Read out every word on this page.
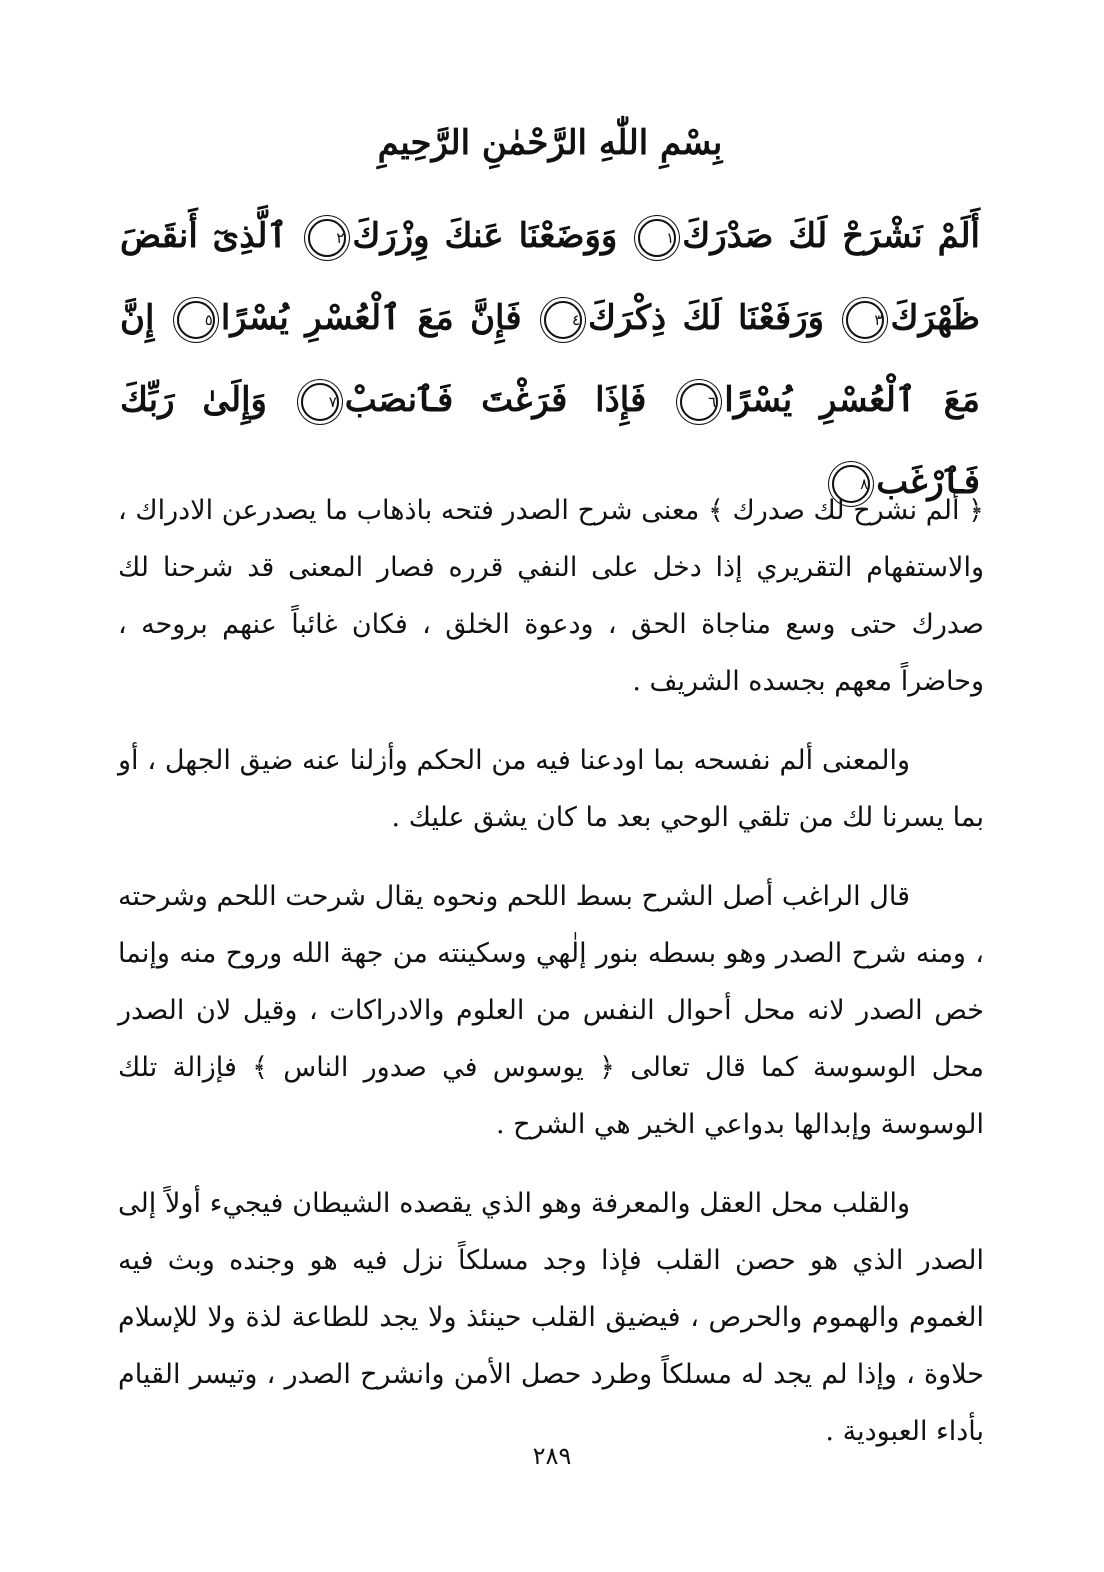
بِسْمِ اللّٰهِ الرَّحْمٰنِ الرَّحِيمِ
أَلَمْ نَشْرَحْ لَكَ صَدْرَكَ١ وَوَضَعْنَا عَنكَ وِزْرَكَ٢ ٱلَّذِىٓ أَنقَضَ ظَهْرَكَ٣ وَرَفَعْنَا لَكَ ذِكْرَكَ٤ فَإِنَّ مَعَ ٱلْعُسْرِ يُسْرًا٥ إِنَّ مَعَ ٱلْعُسْرِ يُسْرًا٦ فَإِذَا فَرَغْتَ فَٱنصَبْ٧ وَإِلَىٰ رَبِّكَ فَٱرْغَب٨

﴿ ألم نشرح لك صدرك ﴾ معنى شرح الصدر فتحه باذهاب ما يصدرعن الادراك ، والاستفهام التقريري إذا دخل على النفي قرره فصار المعنى قد شرحنا لك صدرك حتى وسع مناجاة الحق ، ودعوة الخلق ، فكان غائباً عنهم بروحه ، وحاضراً معهم بجسده الشريف .

والمعنى ألم نفسحه بما اودعنا فيه من الحكم وأزلنا عنه ضيق الجهل ، أو بما يسرنا لك من تلقي الوحي بعد ما كان يشق عليك .

قال الراغب أصل الشرح بسط اللحم ونحوه يقال شرحت اللحم وشرحته ، ومنه شرح الصدر وهو بسطه بنور إلٰهي وسكينته من جهة الله وروح منه وإنما خص الصدر لانه محل أحوال النفس من العلوم والادراكات ، وقيل لان الصدر محل الوسوسة كما قال تعالى ﴿ يوسوس في صدور الناس ﴾ فإزالة تلك الوسوسة وإبدالها بدواعي الخير هي الشرح .

والقلب محل العقل والمعرفة وهو الذي يقصده الشيطان فيجيء أولاً إلى الصدر الذي هو حصن القلب فإذا وجد مسلكاً نزل فيه هو وجنده وبث فيه الغموم والهموم والحرص ، فيضيق القلب حينئذ ولا يجد للطاعة لذة ولا للإسلام حلاوة ، وإذا لم يجد له مسلكاً وطرد حصل الأمن وانشرح الصدر ، وتيسر القيام بأداء العبودية .

٢٨٩
